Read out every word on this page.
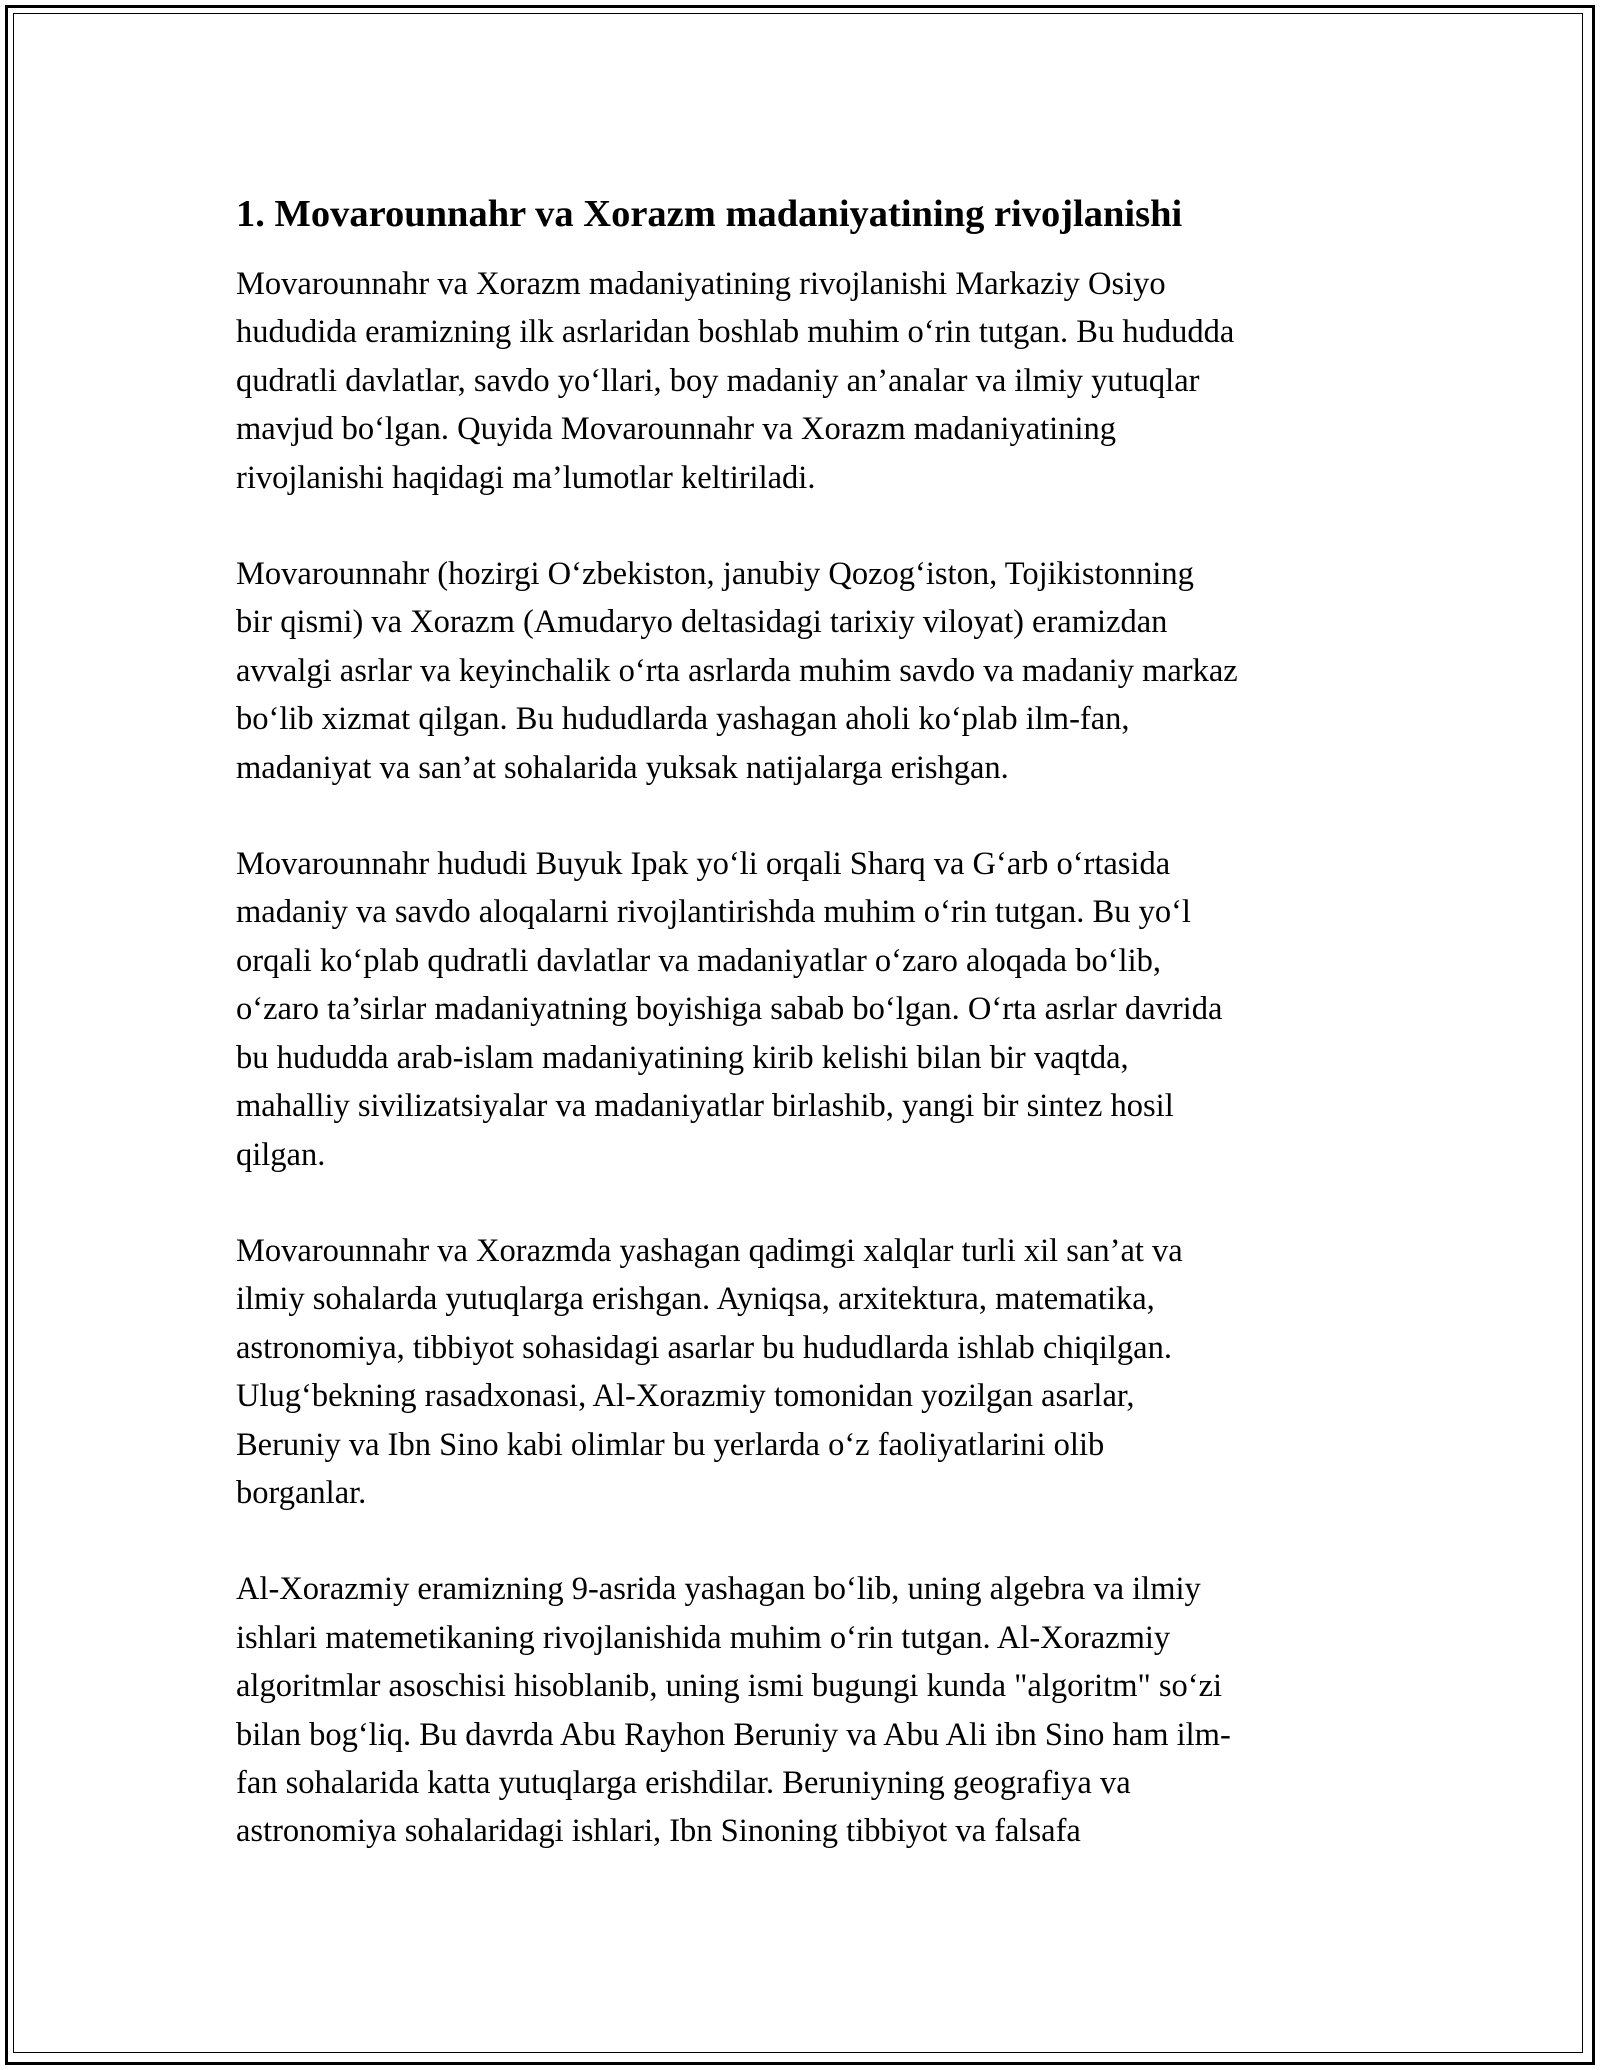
1. Movarounnahr va Xorazm madaniyatining rivojlanishi

Movarounnahr va Xorazm madaniyatining rivojlanishi Markaziy Osiyo
hududida eramizning ilk asrlaridan boshlab muhim o‘rin tutgan. Bu hududda
qudratli davlatlar, savdo yo‘llari, boy madaniy an’analar va ilmiy yutuqlar
mavjud bo‘lgan. Quyida Movarounnahr va Xorazm madaniyatining
rivojlanishi haqidagi ma’lumotlar keltiriladi.

Movarounnahr (hozirgi O‘zbekiston, janubiy Qozog‘iston, Tojikistonning
bir qismi) va Xorazm (Amudaryo deltasidagi tarixiy viloyat) eramizdan
avvalgi asrlar va keyinchalik o‘rta asrlarda muhim savdo va madaniy markaz
bo‘lib xizmat qilgan. Bu hududlarda yashagan aholi ko‘plab ilm-fan,
madaniyat va san’at sohalarida yuksak natijalarga erishgan.

Movarounnahr hududi Buyuk Ipak yo‘li orqali Sharq va G‘arb o‘rtasida
madaniy va savdo aloqalarni rivojlantirishda muhim o‘rin tutgan. Bu yo‘l
orqali ko‘plab qudratli davlatlar va madaniyatlar o‘zaro aloqada bo‘lib,
o‘zaro ta’sirlar madaniyatning boyishiga sabab bo‘lgan. O‘rta asrlar davrida
bu hududda arab-islam madaniyatining kirib kelishi bilan bir vaqtda,
mahalliy sivilizatsiyalar va madaniyatlar birlashib, yangi bir sintez hosil
qilgan.

Movarounnahr va Xorazmda yashagan qadimgi xalqlar turli xil san’at va
ilmiy sohalarda yutuqlarga erishgan. Ayniqsa, arxitektura, matematika,
astronomiya, tibbiyot sohasidagi asarlar bu hududlarda ishlab chiqilgan.
Ulug‘bekning rasadxonasi, Al-Xorazmiy tomonidan yozilgan asarlar,
Beruniy va Ibn Sino kabi olimlar bu yerlarda o‘z faoliyatlarini olib
borganlar.

Al-Xorazmiy eramizning 9-asrida yashagan bo‘lib, uning algebra va ilmiy
ishlari matemetikaning rivojlanishida muhim o‘rin tutgan. Al-Xorazmiy
algoritmlar asoschisi hisoblanib, uning ismi bugungi kunda "algoritm" so‘zi
bilan bog‘liq. Bu davrda Abu Rayhon Beruniy va Abu Ali ibn Sino ham ilm-
fan sohalarida katta yutuqlarga erishdilar. Beruniyning geografiya va
astronomiya sohalaridagi ishlari, Ibn Sinoning tibbiyot va falsafa
